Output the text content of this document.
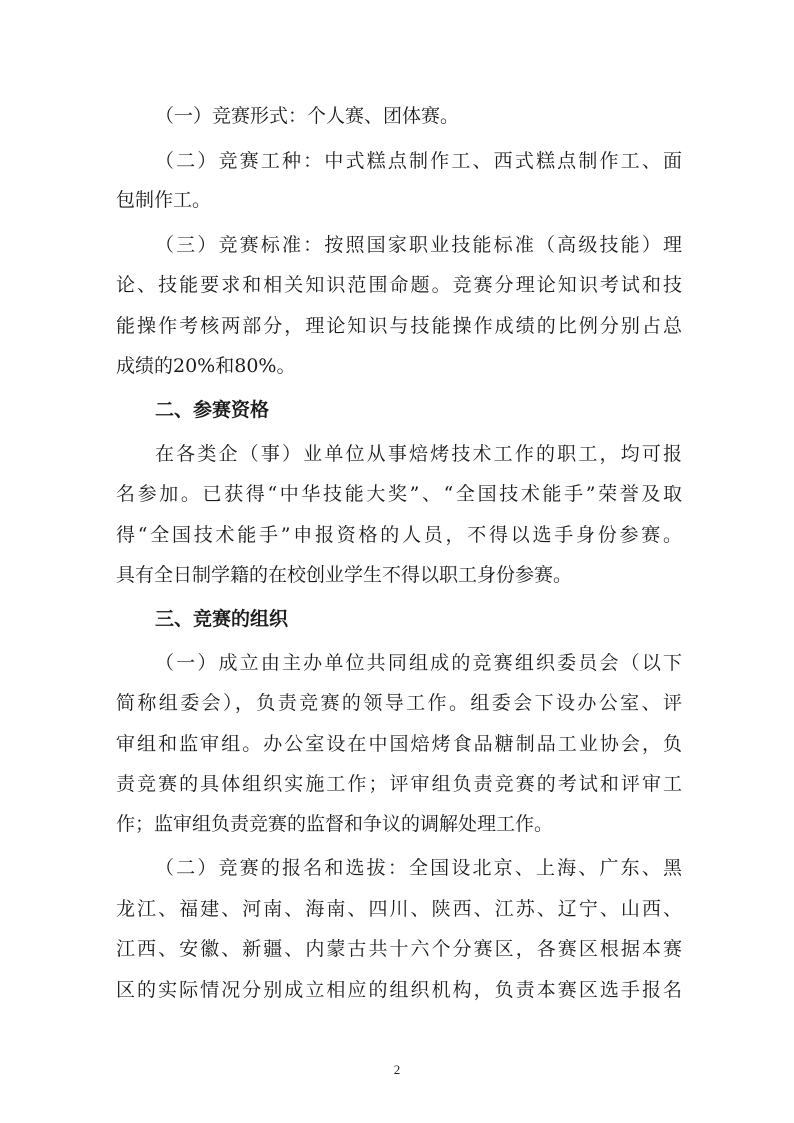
（一）竞赛形式：个人赛、团体赛。
（二）竞赛工种：中式糕点制作工、西式糕点制作工、面
包制作工。
（三）竞赛标准：按照国家职业技能标准（高级技能）理
论、技能要求和相关知识范围命题。竞赛分理论知识考试和技
能操作考核两部分，理论知识与技能操作成绩的比例分别占总
成绩的20%和80%。
二、参赛资格
在各类企（事）业单位从事焙烤技术工作的职工，均可报
名参加。已获得“中华技能大奖”、“全国技术能手”荣誉及取
得“全国技术能手”申报资格的人员，不得以选手身份参赛。
具有全日制学籍的在校创业学生不得以职工身份参赛。
三、竞赛的组织
（一）成立由主办单位共同组成的竞赛组织委员会（以下
简称组委会），负责竞赛的领导工作。组委会下设办公室、评
审组和监审组。办公室设在中国焙烤食品糖制品工业协会，负
责竞赛的具体组织实施工作；评审组负责竞赛的考试和评审工
作；监审组负责竞赛的监督和争议的调解处理工作。
（二）竞赛的报名和选拔：全国设北京、上海、广东、黑
龙江、福建、河南、海南、四川、陕西、江苏、辽宁、山西、
江西、安徽、新疆、内蒙古共十六个分赛区，各赛区根据本赛
区的实际情况分别成立相应的组织机构，负责本赛区选手报名
2
